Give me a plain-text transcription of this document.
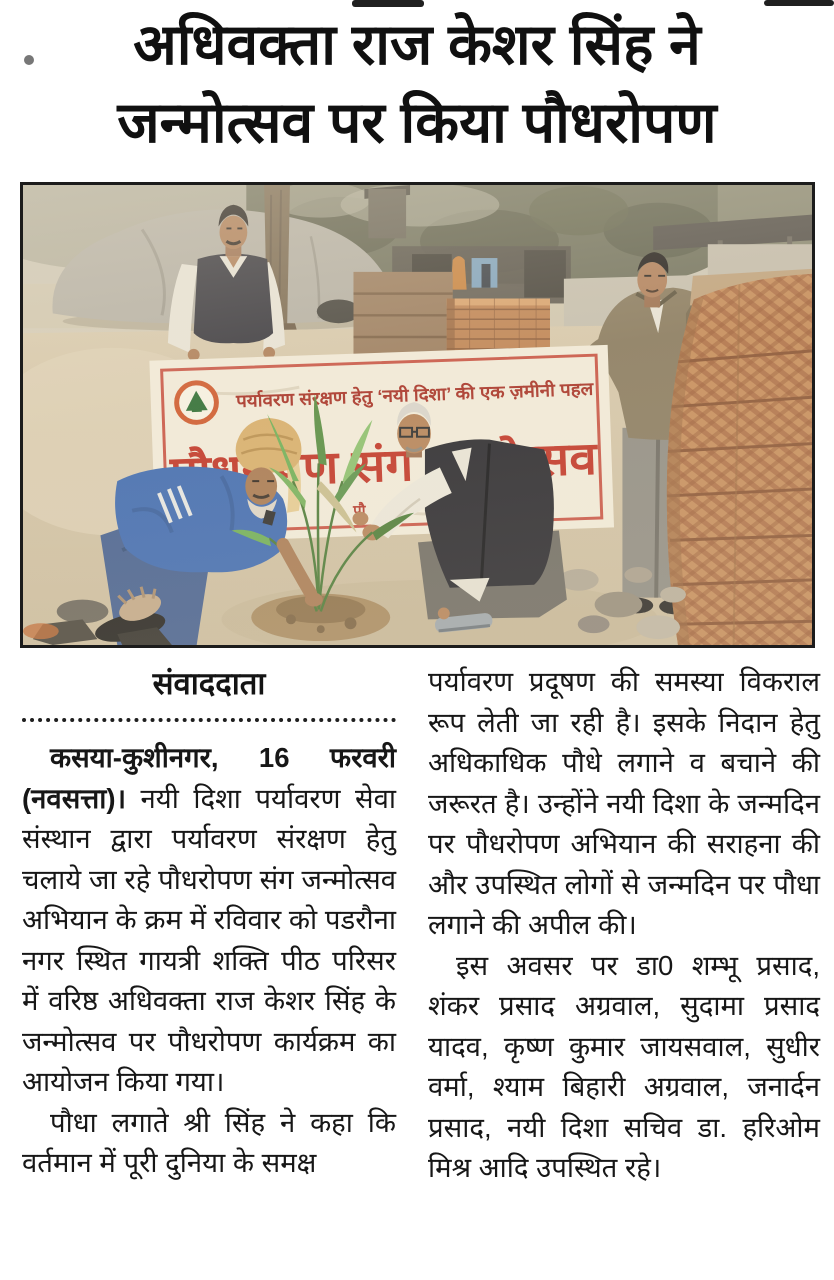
अधिवक्ता राज केशर सिंह ने
जन्मोत्सव पर किया पौधरोपण
संवाददाता

कसया-कुशीनगर, 16 फरवरी (नवसत्ता)। नयी दिशा पर्यावरण सेवा संस्थान द्वारा पर्यावरण संरक्षण हेतु चलाये जा रहे पौधरोपण संग जन्मोत्सव अभियान के क्रम में रविवार को पडरौना नगर स्थित गायत्री शक्ति पीठ परिसर में वरिष्ठ अधिवक्ता राज केशर सिंह के जन्मोत्सव पर पौधरोपण कार्यक्रम का आयोजन किया गया।

पौधा लगाते श्री सिंह ने कहा कि वर्तमान में पूरी दुनिया के समक्ष

पर्यावरण प्रदूषण की समस्या विकराल रूप लेती जा रही है। इसके निदान हेतु अधिकाधिक पौधे लगाने व बचाने की जरूरत है। उन्होंने नयी दिशा के जन्मदिन पर पौधरोपण अभियान की सराहना की और उपस्थित लोगों से जन्मदिन पर पौधा लगाने की अपील की।

इस अवसर पर डा0 शम्भू प्रसाद, शंकर प्रसाद अग्रवाल, सुदामा प्रसाद यादव, कृष्ण कुमार जायसवाल, सुधीर वर्मा, श्याम बिहारी अग्रवाल, जनार्दन प्रसाद, नयी दिशा सचिव डा. हरिओम मिश्र आदि उपस्थित रहे।
